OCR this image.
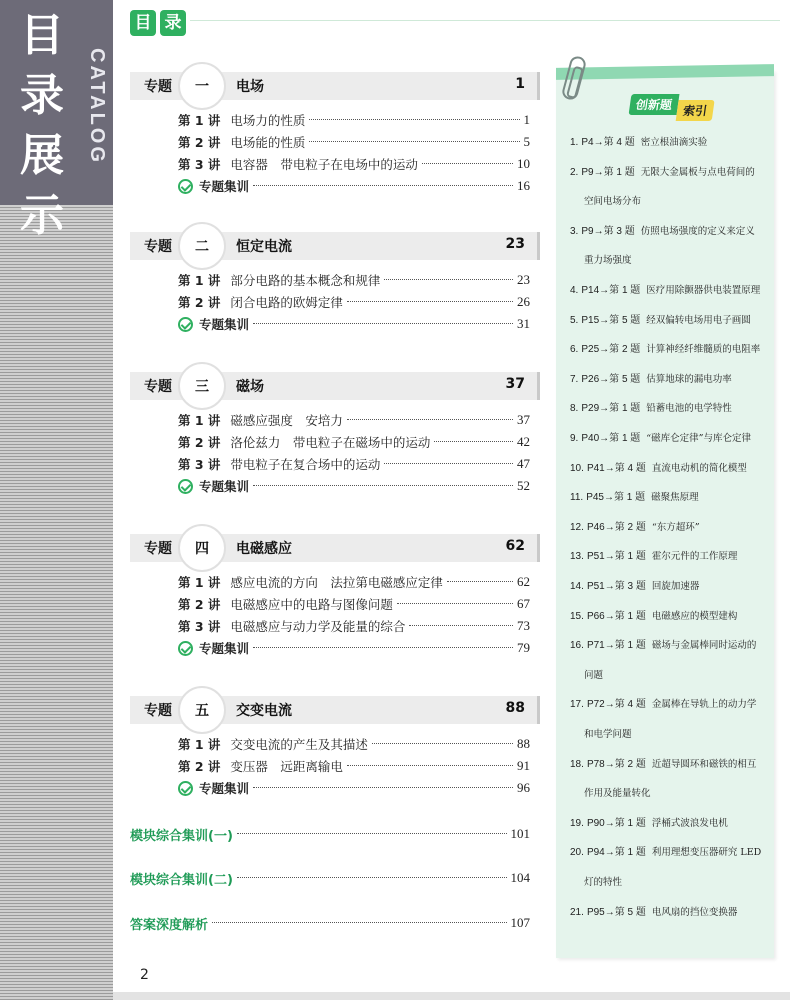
目录展示
CATALOG
目 录
专题	一	电场	1
第 1 讲 电场力的性质	1
第 2 讲 电场能的性质	5
第 3 讲 电容器　带电粒子在电场中的运动	10
专题集训	16
专题	二	恒定电流	23
第 1 讲 部分电路的基本概念和规律	23
第 2 讲 闭合电路的欧姆定律	26
专题集训	31
专题	三	磁场	37
第 1 讲 磁感应强度　安培力	37
第 2 讲 洛伦兹力　带电粒子在磁场中的运动	42
第 3 讲 带电粒子在复合场中的运动	47
专题集训	52
专题	四	电磁感应	62
第 1 讲 感应电流的方向　法拉第电磁感应定律	62
第 2 讲 电磁感应中的电路与图像问题	67
第 3 讲 电磁感应与动力学及能量的综合	73
专题集训	79
专题	五	交变电流	88
第 1 讲 交变电流的产生及其描述	88
第 2 讲 变压器　远距离输电	91
专题集训	96
模块综合集训(一)	101
模块综合集训(二)	104
答案深度解析	107
2
创新题 索引
1. P4→第 4 题 密立根油滴实验
2. P9→第 1 题 无限大金属板与点电荷间的
空间电场分布
3. P9→第 3 题 仿照电场强度的定义来定义
重力场强度
4. P14→第 1 题 医疗用除颤器供电装置原理
5. P15→第 5 题 经双偏转电场用电子画圆
6. P25→第 2 题 计算神经纤维髓质的电阻率
7. P26→第 5 题 估算地球的漏电功率
8. P29→第 1 题 铅蓄电池的电学特性
9. P40→第 1 题 “磁库仑定律”与库仑定律
10. P41→第 4 题 直流电动机的简化模型
11. P45→第 1 题 磁聚焦原理
12. P46→第 2 题 “东方超环”
13. P51→第 1 题 霍尔元件的工作原理
14. P51→第 3 题 回旋加速器
15. P66→第 1 题 电磁感应的模型建构
16. P71→第 1 题 磁场与金属棒同时运动的
问题
17. P72→第 4 题 金属棒在导轨上的动力学
和电学问题
18. P78→第 2 题 近超导圆环和磁铁的相互
作用及能量转化
19. P90→第 1 题 浮桶式波浪发电机
20. P94→第 1 题 利用理想变压器研究 LED
灯的特性
21. P95→第 5 题 电风扇的挡位变换器
